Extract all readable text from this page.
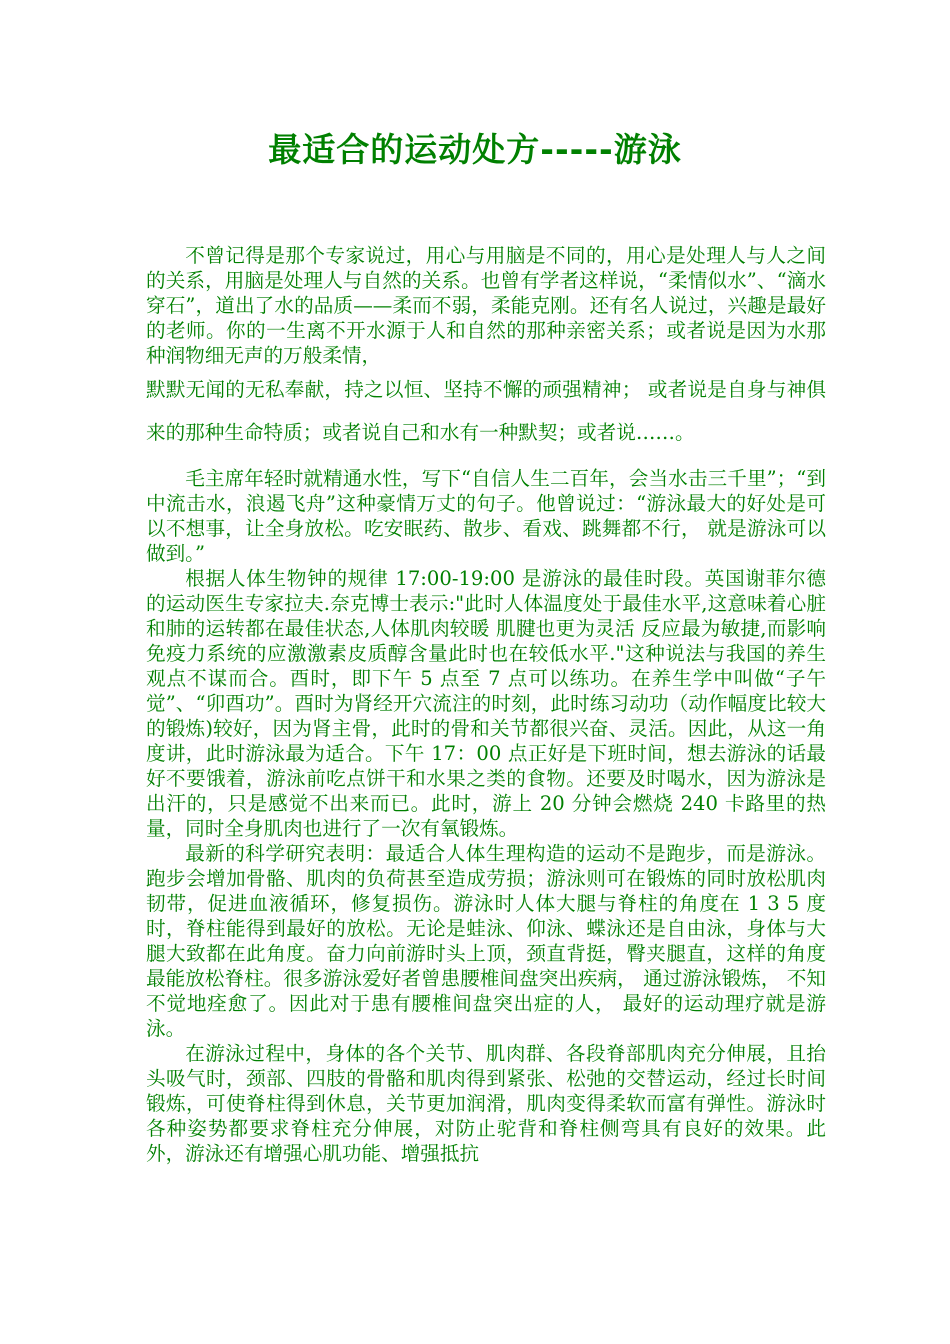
最适合的运动处方-----游泳

不曾记得是那个专家说过，用心与用脑是不同的，用心是处理人与人之间的关系，用脑是处理人与自然的关系。也曾有学者这样说，“柔情似水”、“滴水穿石”，道出了水的品质——柔而不弱，柔能克刚。还有名人说过，兴趣是最好的老师。你的一生离不开水源于人和自然的那种亲密关系；或者说是因为水那种润物细无声的万般柔情，

默默无闻的无私奉献，持之以恒、坚持不懈的顽强精神； 或者说是自身与神俱来的那种生命特质；或者说自己和水有一种默契；或者说……。

毛主席年轻时就精通水性，写下“自信人生二百年，会当水击三千里”；“到中流击水，浪遏飞舟”这种豪情万丈的句子。他曾说过：“游泳最大的好处是可以不想事，让全身放松。吃安眠药、散步、看戏、跳舞都不行， 就是游泳可以做到。”

根据人体生物钟的规律 17:00-19:00 是游泳的最佳时段。英国谢菲尔德的运动医生专家拉夫.奈克博士表示:"此时人体温度处于最佳水平,这意味着心脏和肺的运转都在最佳状态,人体肌肉较暖 肌腱也更为灵活 反应最为敏捷,而影响免疫力系统的应激激素皮质醇含量此时也在较低水平."这种说法与我国的养生观点不谋而合。酉时，即下午 5 点至 7 点可以练功。在养生学中叫做“子午觉”、“卯酉功”。酉时为肾经开穴流注的时刻，此时练习动功（动作幅度比较大的锻炼)较好，因为肾主骨，此时的骨和关节都很兴奋、灵活。因此，从这一角度讲，此时游泳最为适合。下午 17：00 点正好是下班时间，想去游泳的话最好不要饿着，游泳前吃点饼干和水果之类的食物。还要及时喝水，因为游泳是出汗的，只是感觉不出来而已。此时，游上 20 分钟会燃烧 240 卡路里的热量，同时全身肌肉也进行了一次有氧锻炼。

最新的科学研究表明：最适合人体生理构造的运动不是跑步，而是游泳。跑步会增加骨骼、肌肉的负荷甚至造成劳损；游泳则可在锻炼的同时放松肌肉韧带，促进血液循环，修复损伤。游泳时人体大腿与脊柱的角度在 1 3 5 度时，脊柱能得到最好的放松。无论是蛙泳、仰泳、蝶泳还是自由泳，身体与大腿大致都在此角度。奋力向前游时头上顶，颈直背挺，臀夹腿直，这样的角度最能放松脊柱。很多游泳爱好者曾患腰椎间盘突出疾病， 通过游泳锻炼， 不知不觉地痊愈了。因此对于患有腰椎间盘突出症的人， 最好的运动理疗就是游泳。

在游泳过程中，身体的各个关节、肌肉群、各段脊部肌肉充分伸展，且抬头吸气时，颈部、四肢的骨骼和肌肉得到紧张、松弛的交替运动，经过长时间锻炼，可使脊柱得到休息，关节更加润滑，肌肉变得柔软而富有弹性。游泳时各种姿势都要求脊柱充分伸展，对防止驼背和脊柱侧弯具有良好的效果。此外，游泳还有增强心肌功能、增强抵抗
